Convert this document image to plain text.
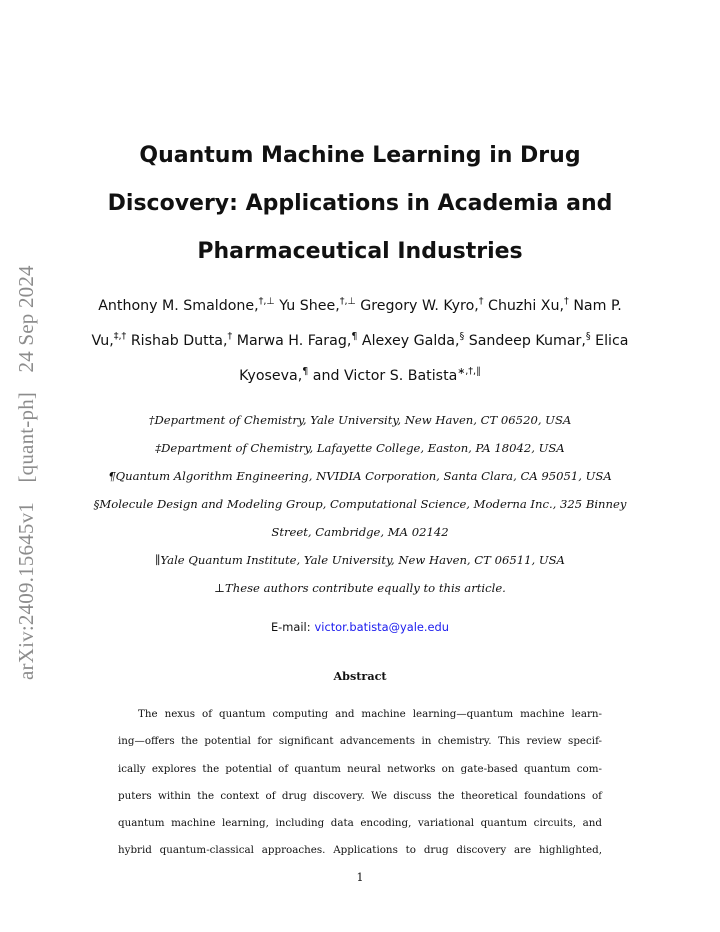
arXiv:2409.15645v1 [quant-ph] 24 Sep 2024
Quantum Machine Learning in Drug Discovery: Applications in Academia and Pharmaceutical Industries

Anthony M. Smaldone,†,⊥ Yu Shee,†,⊥ Gregory W. Kyro,† Chuzhi Xu,† Nam P. Vu,‡,† Rishab Dutta,† Marwa H. Farag,¶ Alexey Galda,§ Sandeep Kumar,§ Elica Kyoseva,¶ and Victor S. Batista∗,†,∥

†Department of Chemistry, Yale University, New Haven, CT 06520, USA
‡Department of Chemistry, Lafayette College, Easton, PA 18042, USA
¶Quantum Algorithm Engineering, NVIDIA Corporation, Santa Clara, CA 95051, USA
§Molecule Design and Modeling Group, Computational Science, Moderna Inc., 325 Binney Street, Cambridge, MA 02142
∥Yale Quantum Institute, Yale University, New Haven, CT 06511, USA
⊥These authors contribute equally to this article.
E-mail: victor.batista@yale.edu
Abstract
The nexus of quantum computing and machine learning—quantum machine learn-
ing—offers the potential for significant advancements in chemistry. This review specif-
ically explores the potential of quantum neural networks on gate-based quantum com-
puters within the context of drug discovery. We discuss the theoretical foundations of
quantum machine learning, including data encoding, variational quantum circuits, and
hybrid quantum-classical approaches. Applications to drug discovery are highlighted,
1
